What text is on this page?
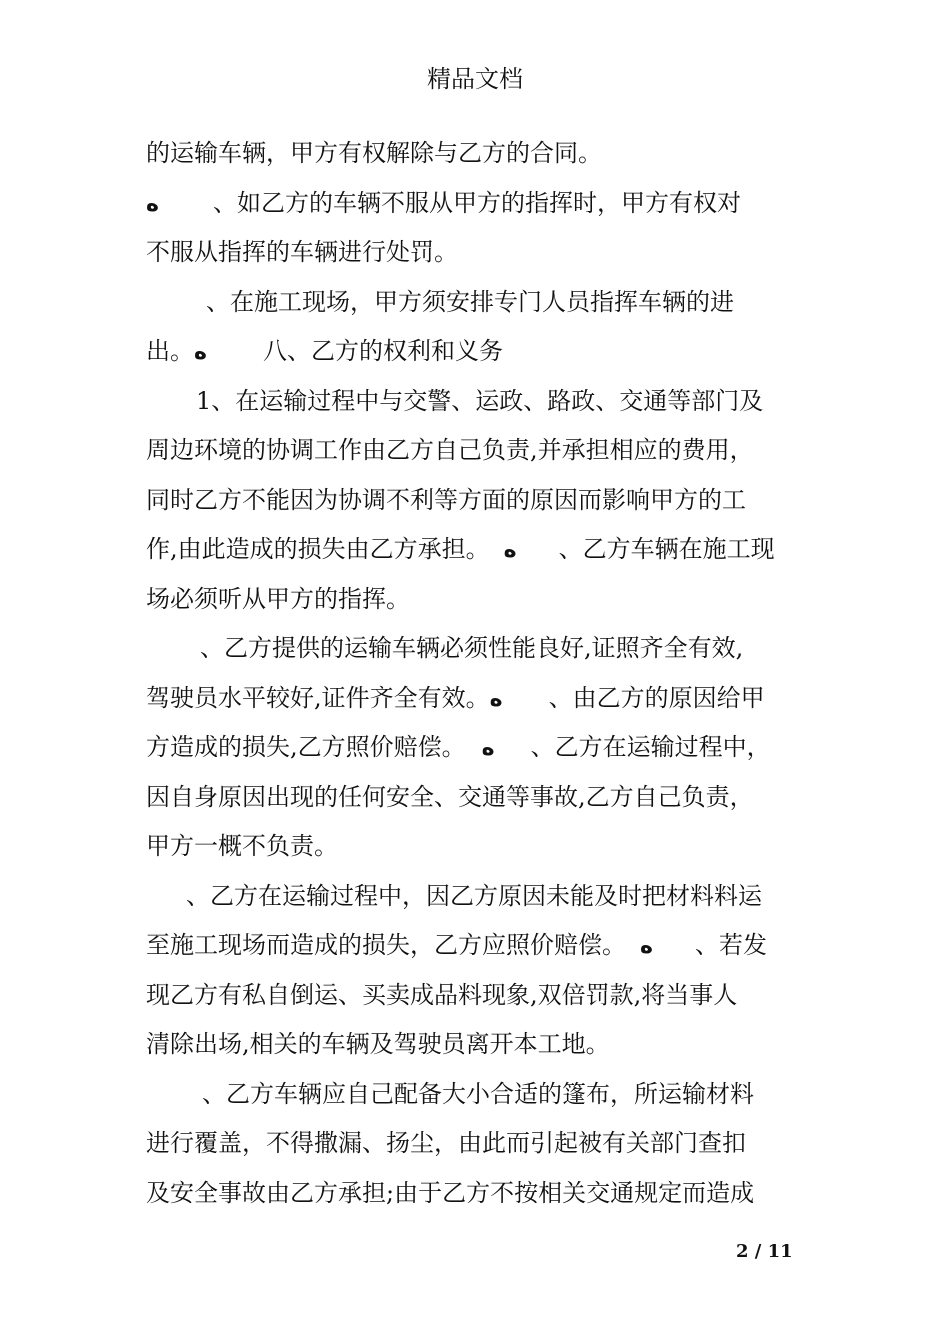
精品文档
的运输车辆，甲方有权解除与乙方的合同。
ﻩ 、如乙方的车辆不服从甲方的指挥时，甲方有权对
不服从指挥的车辆进行处罚。
、在施工现场，甲方须安排专门人员指挥车辆的进
出。ﻩ 八、乙方的权利和义务
1、在运输过程中与交警、运政、路政、交通等部门及
周边环境的协调工作由乙方自己负责,并承担相应的费用，
同时乙方不能因为协调不利等方面的原因而影响甲方的工
作,由此造成的损失由乙方承担。 ﻩ 、乙方车辆在施工现
场必须听从甲方的指挥。
、乙方提供的运输车辆必须性能良好,证照齐全有效,
驾驶员水平较好,证件齐全有效。ﻩ 、由乙方的原因给甲
方造成的损失,乙方照价赔偿。 ﻩ 、乙方在运输过程中，
因自身原因出现的任何安全、交通等事故,乙方自己负责，
甲方一概不负责。
、乙方在运输过程中，因乙方原因未能及时把材料料运
至施工现场而造成的损失，乙方应照价赔偿。 ﻩ 、若发
现乙方有私自倒运、买卖成品料现象,双倍罚款,将当事人
清除出场,相关的车辆及驾驶员离开本工地。
、乙方车辆应自己配备大小合适的篷布，所运输材料
进行覆盖，不得撒漏、扬尘，由此而引起被有关部门查扣
及安全事故由乙方承担;由于乙方不按相关交通规定而造成
2 / 11
